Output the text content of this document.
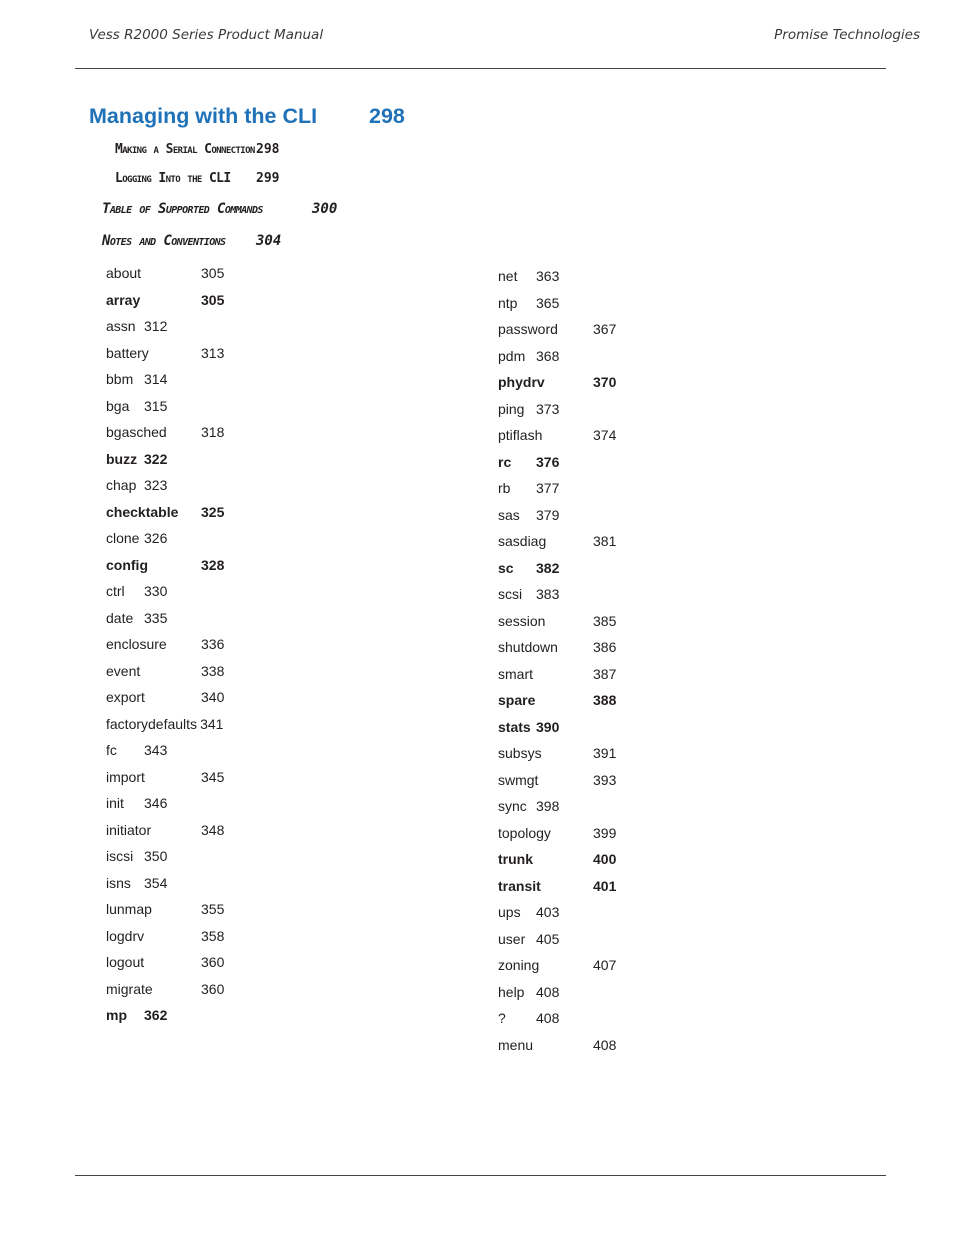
Vess R2000 Series Product Manual	Promise Technologies
Managing with the CLI 298
Making a Serial Connection 298
Logging Into the CLI 299
Table of Supported Commands	300
Notes and Conventions 304
about	305
array	305
assn 312
battery	313
bbm 314
bga 315
bgasched 318
buzz 322
chap 323
checktable 325
clone 326
config	328
ctrl 330
date 335
enclosure 336
event	338
export	340
factorydefaults 341
fc 343
import	345
init 346
initiator	348
iscsi 350
isns 354
lunmap	355
logdrv	358
logout	360
migrate	360
mp 362
net 363
ntp 365
password	367
pdm 368
phydrv	370
ping 373
ptiflash	374
rc 376
rb 377
sas 379
sasdiag	381
sc 382
scsi 383
session	385
shutdown	386
smart	387
spare	388
stats 390
subsys	391
swmgt	393
sync 398
topology	399
trunk	400
transit	401
ups 403
user 405
zoning	407
help 408
? 408
menu	408
